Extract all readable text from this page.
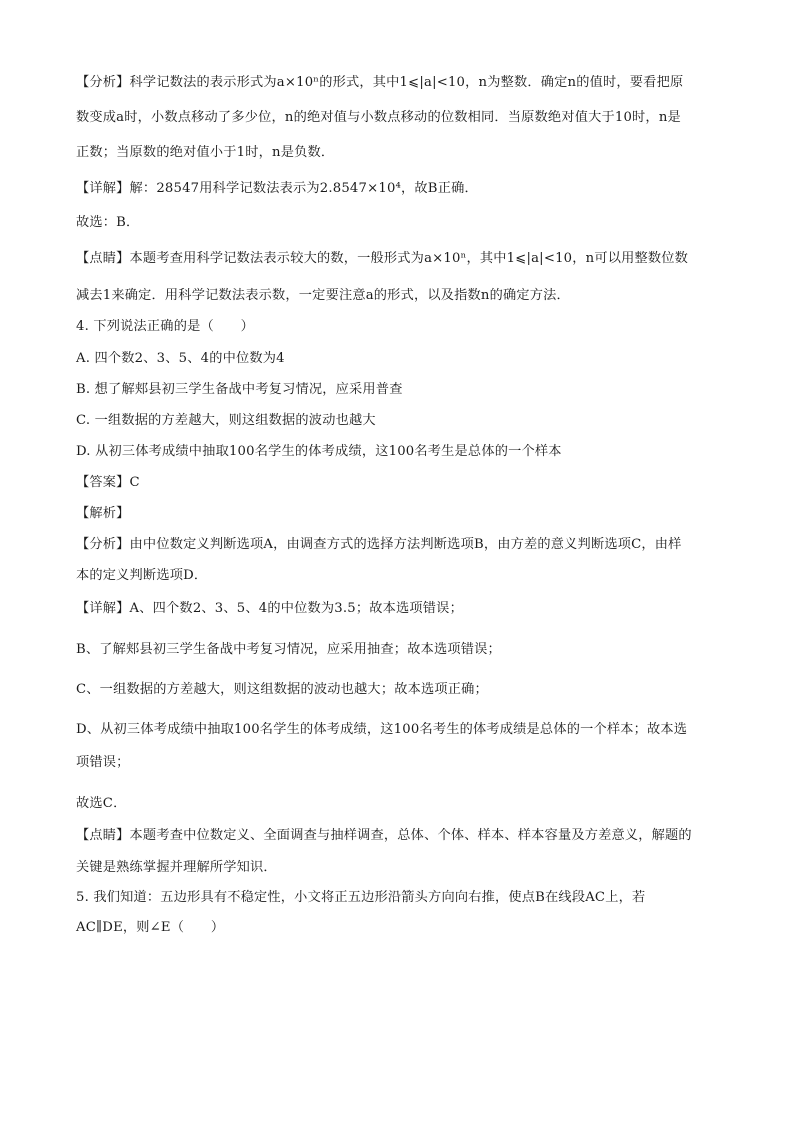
【分析】科学记数法的表示形式为a×10ⁿ的形式，其中1⩽|a|<10，n为整数．确定n的值时，要看把原
数变成a时，小数点移动了多少位，n的绝对值与小数点移动的位数相同．当原数绝对值大于10时，n是
正数；当原数的绝对值小于1时，n是负数．
【详解】解：28547用科学记数法表示为2.8547×10⁴，故B正确．
故选：B．
【点睛】本题考查用科学记数法表示较大的数，一般形式为a×10ⁿ，其中1⩽|a|<10，n可以用整数位数
减去1来确定．用科学记数法表示数，一定要注意a的形式，以及指数n的确定方法．
4. 下列说法正确的是（　　）
A. 四个数2、3、5、4的中位数为4
B. 想了解郏县初三学生备战中考复习情况，应采用普查
C. 一组数据的方差越大，则这组数据的波动也越大
D. 从初三体考成绩中抽取100名学生的体考成绩，这100名考生是总体的一个样本
【答案】C
【解析】
【分析】由中位数定义判断选项A，由调查方式的选择方法判断选项B，由方差的意义判断选项C，由样
本的定义判断选项D．
【详解】A、四个数2、3、5、4的中位数为3.5；故本选项错误；
B、了解郏县初三学生备战中考复习情况，应采用抽查；故本选项错误；
C、一组数据的方差越大，则这组数据的波动也越大；故本选项正确；
D、从初三体考成绩中抽取100名学生的体考成绩，这100名考生的体考成绩是总体的一个样本；故本选
项错误；
故选C．
【点睛】本题考查中位数定义、全面调查与抽样调查，总体、个体、样本、样本容量及方差意义，解题的
关键是熟练掌握并理解所学知识．
5. 我们知道：五边形具有不稳定性，小文将正五边形沿箭头方向向右推，使点B在线段AC上，若
AC∥DE，则∠E（　　）
